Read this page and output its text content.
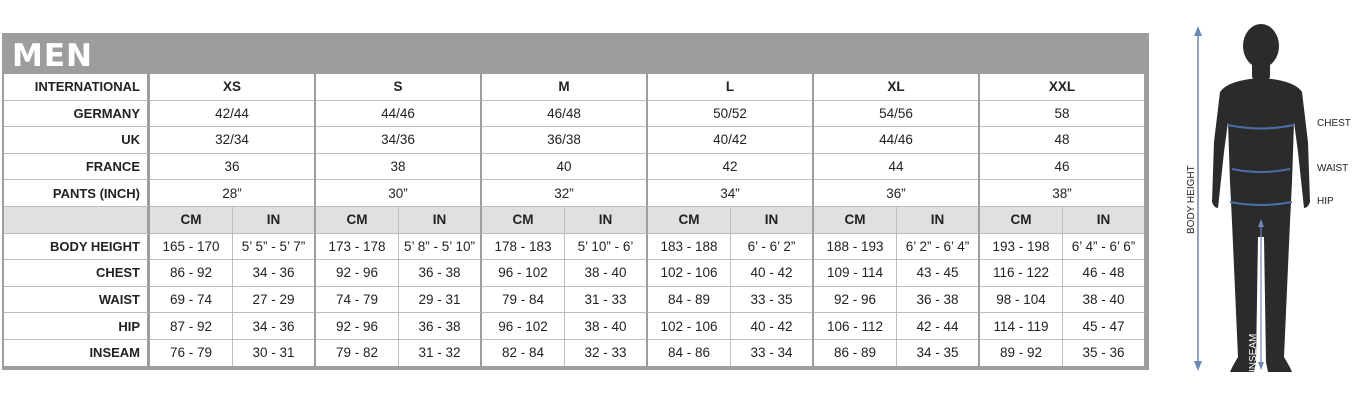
MEN
INTERNATIONAL	XS		S		M		L		XL		XXL	
GERMANY	42/44		44/46		46/48		50/52		54/56		58	
UK	32/34		34/36		36/38		40/42		44/46		48	
FRANCE	36		38		40		42		44		46	
PANTS (INCH)	28”		30”		32”		34”		36”		38”	
	CM	IN	CM	IN	CM	IN	CM	IN	CM	IN	CM	IN
BODY HEIGHT	165 - 170	5’ 5” - 5’ 7”	173 - 178	5’ 8” - 5’ 10”	178 - 183	5’ 10” - 6’	183 - 188	6’ - 6’ 2”	188 - 193	6’ 2” - 6’ 4”	193 - 198	6’ 4” - 6’ 6”
CHEST	86 - 92	34 - 36	92 - 96	36 - 38	96 - 102	38 - 40	102 - 106	40 - 42	109 - 114	43 - 45	116 - 122	46 - 48
WAIST	69 - 74	27 - 29	74 - 79	29 - 31	79 - 84	31 - 33	84 - 89	33 - 35	92 - 96	36 - 38	98 - 104	38 - 40
HIP	87 - 92	34 - 36	92 - 96	36 - 38	96 - 102	38 - 40	102 - 106	40 - 42	106 - 112	42 - 44	114 - 119	45 - 47
INSEAM	76 - 79	30 - 31	79 - 82	31 - 32	82 - 84	32 - 33	84 - 86	33 - 34	86 - 89	34 - 35	89 - 92	35 - 36
BODY HEIGHT
CHEST
WAIST
HIP
INSEAM
